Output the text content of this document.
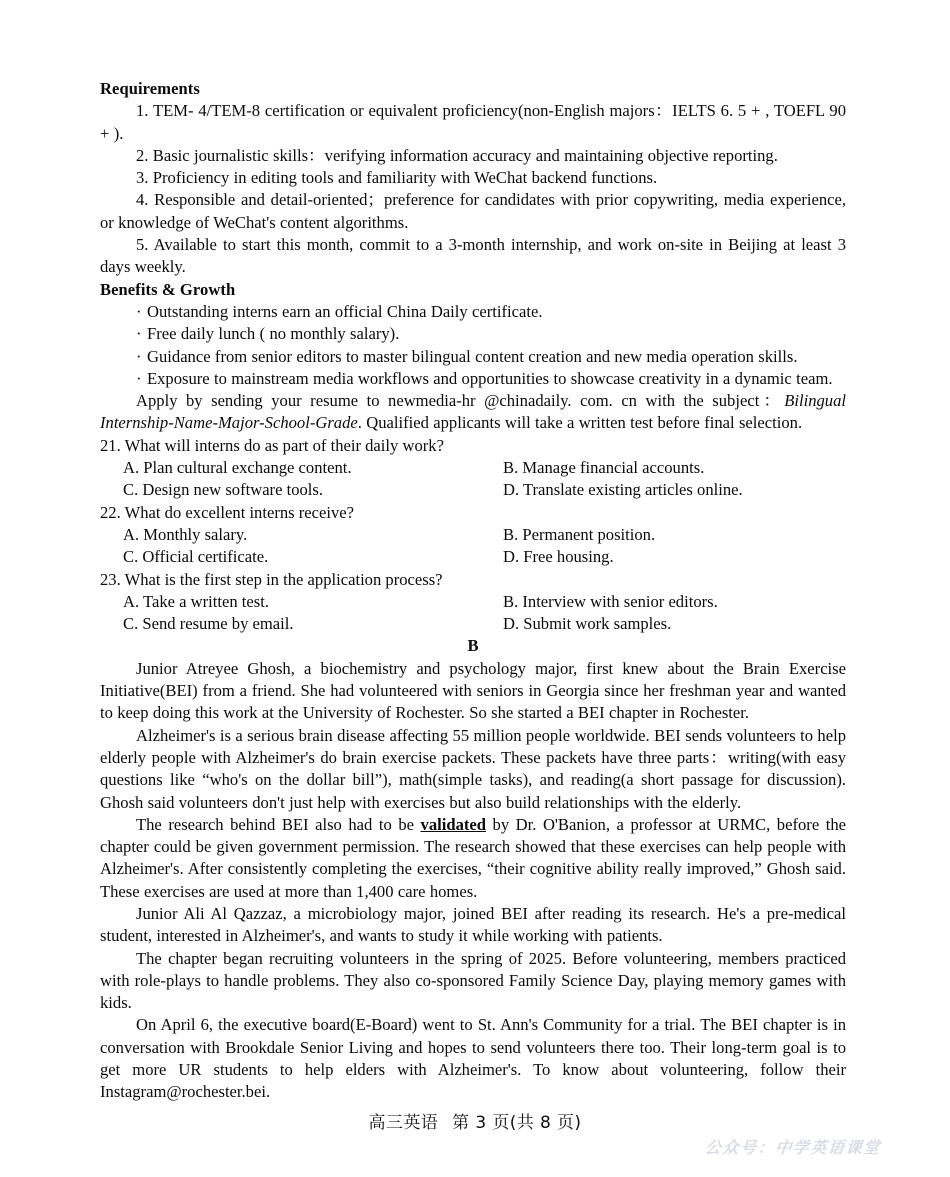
Requirements

1. TEM- 4/TEM-8 certification or equivalent proficiency(non-English majors：IELTS 6. 5 + , TOEFL 90 + ).

2. Basic journalistic skills：verifying information accuracy and maintaining objective reporting.

3. Proficiency in editing tools and familiarity with WeChat backend functions.

4. Responsible and detail-oriented；preference for candidates with prior copywriting, media experience, or knowledge of WeChat's content algorithms.

5. Available to start this month, commit to a 3-month internship, and work on-site in Beijing at least 3 days weekly.

Benefits & Growth

· Outstanding interns earn an official China Daily certificate.

· Free daily lunch ( no monthly salary).

· Guidance from senior editors to master bilingual content creation and new media operation skills.

· Exposure to mainstream media workflows and opportunities to showcase creativity in a dynamic team.

Apply by sending your resume to newmedia-hr @chinadaily. com. cn with the subject：Bilingual Internship-Name-Major-School-Grade. Qualified applicants will take a written test before final selection.

21. What will interns do as part of their daily work?

A. Plan cultural exchange content.	B. Manage financial accounts.
C. Design new software tools.	D. Translate existing articles online.

22. What do excellent interns receive?

A. Monthly salary.	B. Permanent position.
C. Official certificate.	D. Free housing.

23. What is the first step in the application process?

A. Take a written test.	B. Interview with senior editors.
C. Send resume by email.	D. Submit work samples.

B

Junior Atreyee Ghosh, a biochemistry and psychology major, first knew about the Brain Exercise Initiative(BEI) from a friend. She had volunteered with seniors in Georgia since her freshman year and wanted to keep doing this work at the University of Rochester. So she started a BEI chapter in Rochester.

Alzheimer's is a serious brain disease affecting 55 million people worldwide. BEI sends volunteers to help elderly people with Alzheimer's do brain exercise packets. These packets have three parts：writing(with easy questions like “who's on the dollar bill”), math(simple tasks), and reading(a short passage for discussion). Ghosh said volunteers don't just help with exercises but also build relationships with the elderly.

The research behind BEI also had to be validated by Dr. O'Banion, a professor at URMC, before the chapter could be given government permission. The research showed that these exercises can help people with Alzheimer's. After consistently completing the exercises, “their cognitive ability really improved,” Ghosh said. These exercises are used at more than 1,400 care homes.

Junior Ali Al Qazzaz, a microbiology major, joined BEI after reading its research. He's a pre-medical student, interested in Alzheimer's, and wants to study it while working with patients.

The chapter began recruiting volunteers in the spring of 2025. Before volunteering, members practiced with role-plays to handle problems. They also co-sponsored Family Science Day, playing memory games with kids.

On April 6, the executive board(E-Board) went to St. Ann's Community for a trial. The BEI chapter is in conversation with Brookdale Senior Living and hopes to send volunteers there too. Their long-term goal is to get more UR students to help elders with Alzheimer's. To know about volunteering, follow their Instagram@rochester.bei.

高三英语 第 3 页(共 8 页)
公众号：中学英语课堂
